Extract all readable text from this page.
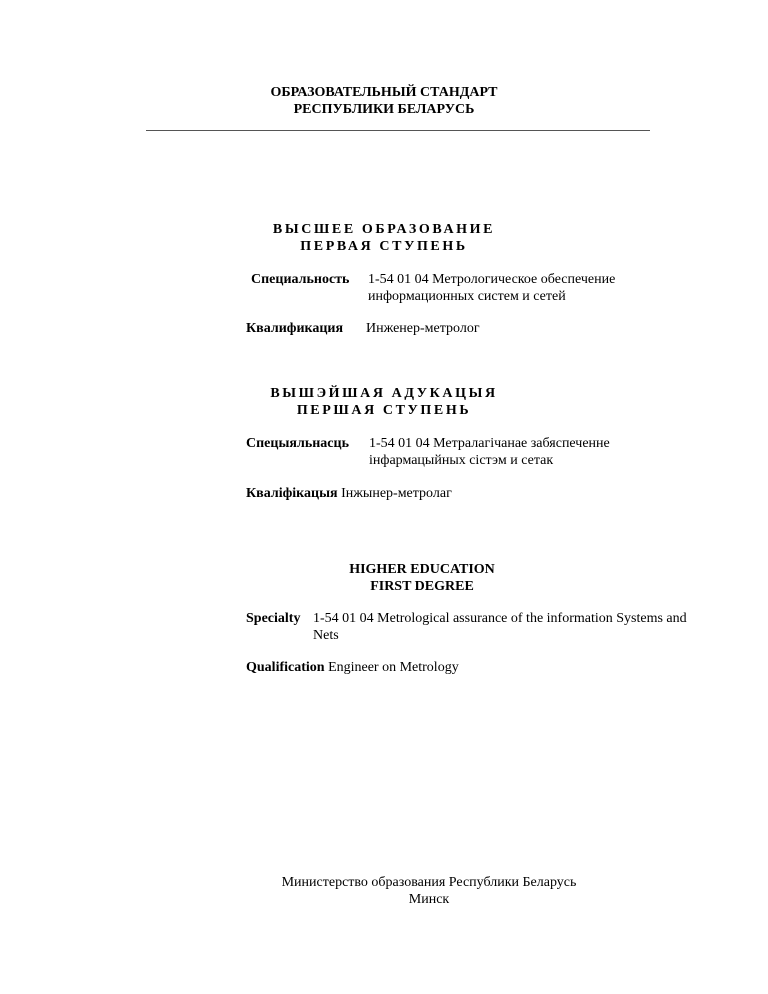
ОБРАЗОВАТЕЛЬНЫЙ СТАНДАРТ
РЕСПУБЛИКИ БЕЛАРУСЬ
ВЫСШЕЕ ОБРАЗОВАНИЕ
ПЕРВАЯ СТУПЕНЬ
Специальность 1-54 01 04 Метрологическое обеспечение
информационных систем и сетей
Квалификация Инженер-метролог
ВЫШЭЙШАЯ АДУКАЦЫЯ
ПЕРШАЯ СТУПЕНЬ
Спецыяльнасць 1-54 01 04 Метралагічанае забяспеченне
інфармацыйных сістэм и сетак
Кваліфікацыя Інжынер-метролаг
HIGHER EDUCATION
FIRST DEGREE
Specialty 1-54 01 04 Metrological assurance of the information Systems and
Nets
Qualification Engineer on Metrology
Министерство образования Республики Беларусь
Минск
